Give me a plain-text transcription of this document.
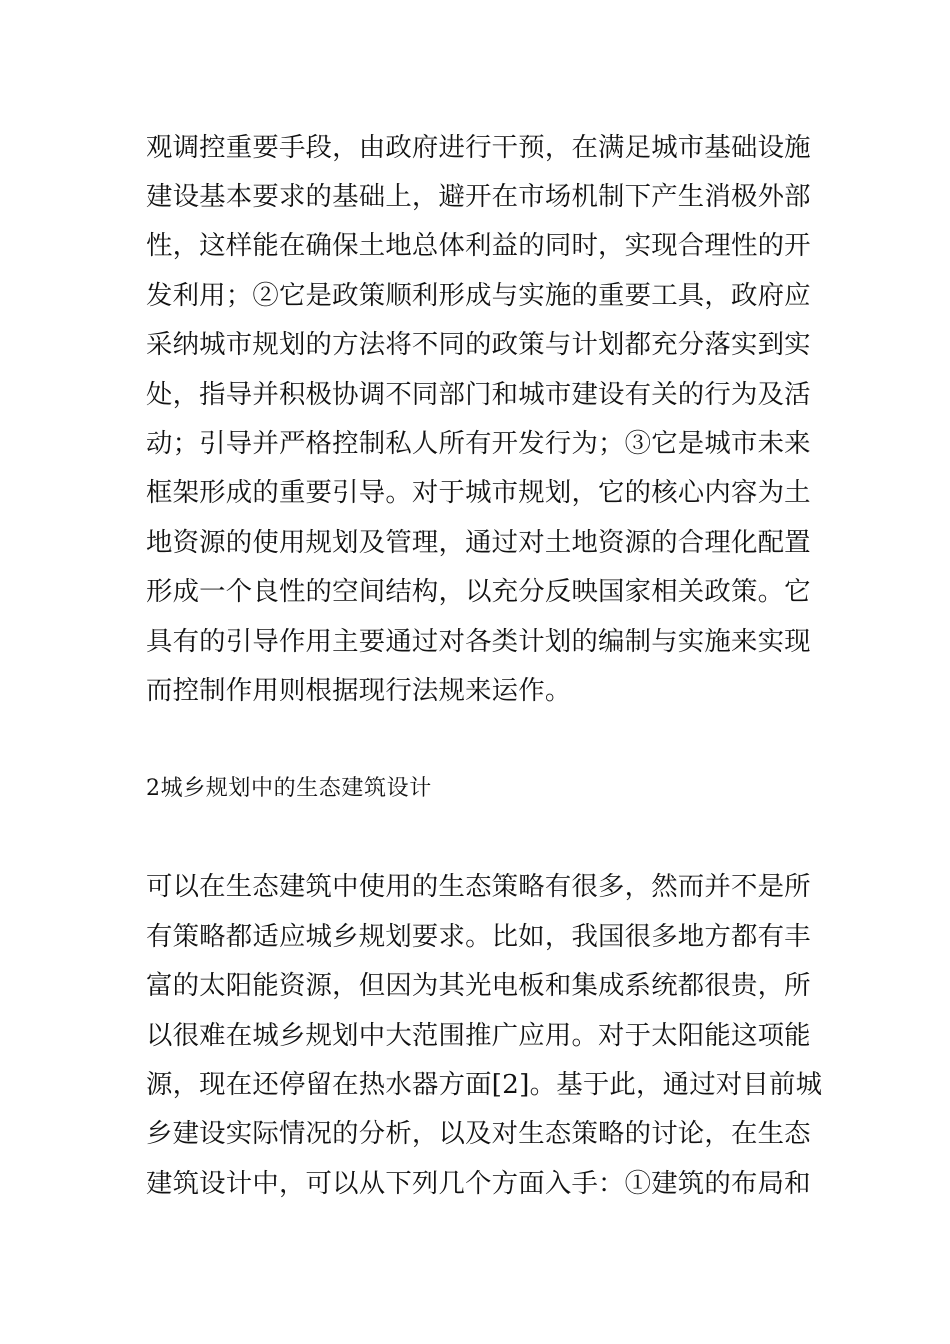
观调控重要手段，由政府进行干预，在满足城市基础设施
建设基本要求的基础上，避开在市场机制下产生消极外部
性，这样能在确保土地总体利益的同时，实现合理性的开
发利用；②它是政策顺利形成与实施的重要工具，政府应
采纳城市规划的方法将不同的政策与计划都充分落实到实
处，指导并积极协调不同部门和城市建设有关的行为及活
动；引导并严格控制私人所有开发行为；③它是城市未来
框架形成的重要引导。对于城市规划，它的核心内容为土
地资源的使用规划及管理，通过对土地资源的合理化配置
形成一个良性的空间结构，以充分反映国家相关政策。它
具有的引导作用主要通过对各类计划的编制与实施来实现
而控制作用则根据现行法规来运作。
2城乡规划中的生态建筑设计
可以在生态建筑中使用的生态策略有很多，然而并不是所
有策略都适应城乡规划要求。比如，我国很多地方都有丰
富的太阳能资源，但因为其光电板和集成系统都很贵，所
以很难在城乡规划中大范围推广应用。对于太阳能这项能
源，现在还停留在热水器方面[2]。基于此，通过对目前城
乡建设实际情况的分析，以及对生态策略的讨论，在生态
建筑设计中，可以从下列几个方面入手：①建筑的布局和
